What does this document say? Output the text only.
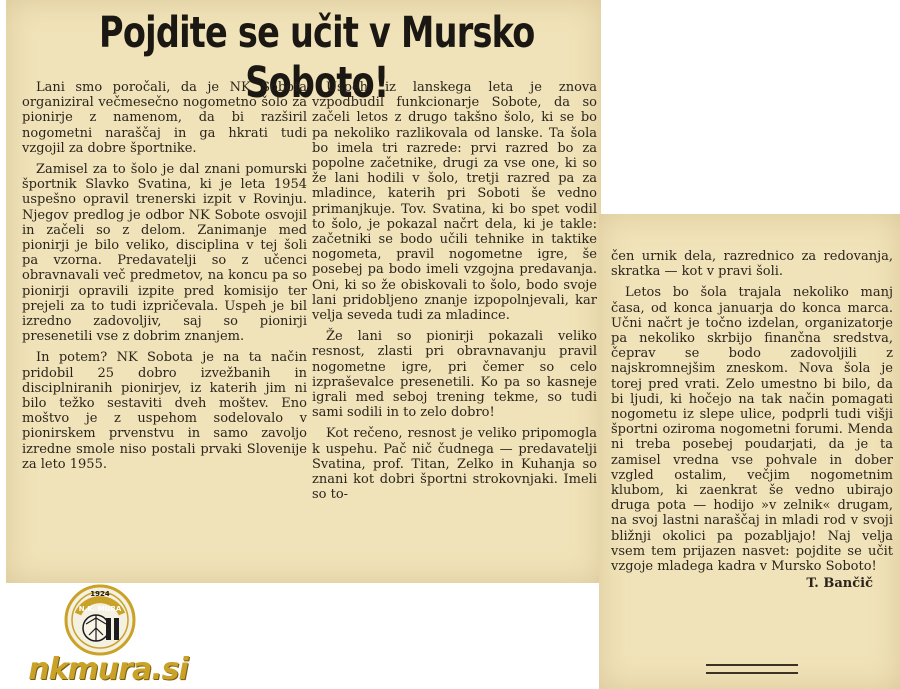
Pojdite se učit v Mursko Soboto!

Lani smo poročali, da je NK Sobota organiziral večmesečno nogometno šolo za pionirje z namenom, da bi razširil nogometni naraščaj in ga hkrati tudi vzgojil za dobre športnike.

Zamisel za to šolo je dal znani pomurski športnik Slavko Svatina, ki je leta 1954 uspešno opravil trenerski izpit v Rovinju. Njegov predlog je odbor NK Sobote osvojil in začeli so z delom. Zanimanje med pionirji je bilo veliko, disciplina v tej šoli pa vzorna. Predavatelji so z učenci obravnavali več predmetov, na koncu pa so pionirji opravili izpite pred komisijo ter prejeli za to tudi izpričevala. Uspeh je bil izredno zadovoljiv, saj so pionirji presenetili vse z dobrim znanjem.

In potem? NK Sobota je na ta način pridobil 25 dobro izvežbanih in disciplniranih pionirjev, iz katerih jim ni bilo težko sestaviti dveh moštev. Eno moštvo je z uspehom sodelovalo v pionirskem prvenstvu in samo zavoljo izredne smole niso postali prvaki Slovenije za leto 1955.

Uspeh iz lanskega leta je znova vzpodbudil funkcionarje Sobote, da so začeli letos z drugo takšno šolo, ki se bo pa nekoliko razlikovala od lanske. Ta šola bo imela tri razrede: prvi razred bo za popolne začetnike, drugi za vse one, ki so že lani hodili v šolo, tretji razred pa za mladince, katerih pri Soboti še vedno primanjkuje. Tov. Svatina, ki bo spet vodil to šolo, je pokazal načrt dela, ki je takle: začetniki se bodo učili tehnike in taktike nogometa, pravil nogometne igre, še posebej pa bodo imeli vzgojna predavanja. Oni, ki so že obiskovali to šolo, bodo svoje lani pridobljeno znanje izpopolnjevali, kar velja seveda tudi za mladince.

Že lani so pionirji pokazali veliko resnost, zlasti pri obravnavanju pravil nogometne igre, pri čemer so celo izpraševalce presenetili. Ko pa so kasneje igrali med seboj trening tekme, so tudi sami sodili in to zelo dobro!

Kot rečeno, resnost je veliko pripomogla k uspehu. Pač nič čudnega — predavatelji Svatina, prof. Titan, Zelko in Kuhanja so znani kot dobri športni strokovnjaki. Imeli so to-

čen urnik dela, razrednico za redovanja, skratka — kot v pravi šoli.

Letos bo šola trajala nekoliko manj časa, od konca januarja do konca marca. Učni načrt je točno izdelan, organizatorje pa nekoliko skrbijo finančna sredstva, čeprav se bodo zadovoljili z najskromnejšim zneskom. Nova šola je torej pred vrati. Zelo umestno bi bilo, da bi ljudi, ki hočejo na tak način pomagati nogometu iz slepe ulice, podprli tudi višji športni oziroma nogometni forumi. Menda ni treba posebej poudarjati, da je ta zamisel vredna vse pohvale in dober vzgled ostalim, večjim nogometnim klubom, ki zaenkrat še vedno ubirajo druga pota — hodijo »v zelnik« drugam, na svoj lastni naraščaj in mladi rod v svoji bližnji okolici pa pozabljajo! Naj velja vsem tem prijazen nasvet: pojdite se učit vzgoje mladega kadra v Mursko Soboto!

T. Bančič
1924
N.K. MURA
nkmura.si
